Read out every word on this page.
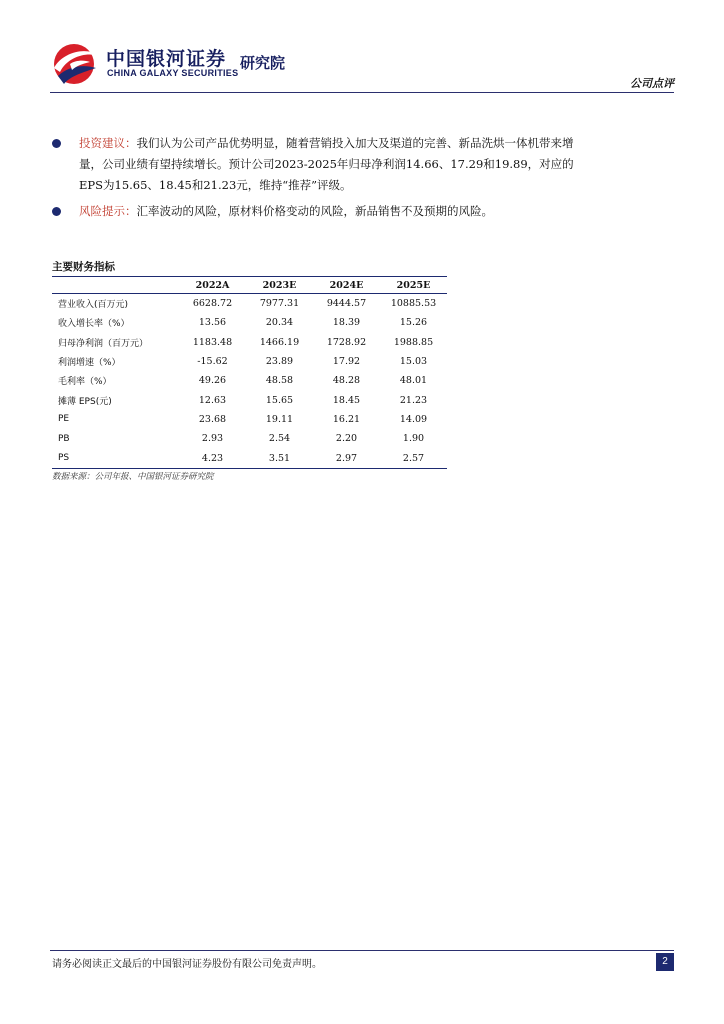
中国银河证券
CHINA GALAXY SECURITIES
研究院
公司点评
投资建议：我们认为公司产品优势明显，随着营销投入加大及渠道的完善、新品洗烘一体机带来增量，公司业绩有望持续增长。预计公司2023-2025年归母净利润14.66、17.29和19.89，对应的EPS为15.65、18.45和21.23元，维持“推荐”评级。
风险提示：汇率波动的风险，原材料价格变动的风险，新品销售不及预期的风险。
主要财务指标
	2022A	2023E	2024E	2025E
营业收入(百万元)	6628.72	7977.31	9444.57	10885.53
收入增长率（%）	13.56	20.34	18.39	15.26
归母净利润（百万元）	1183.48	1466.19	1728.92	1988.85
利润增速（%）	-15.62	23.89	17.92	15.03
毛利率（%）	49.26	48.58	48.28	48.01
摊薄 EPS(元)	12.63	15.65	18.45	21.23
PE	23.68	19.11	16.21	14.09
PB	2.93	2.54	2.20	1.90
PS	4.23	3.51	2.97	2.57
数据来源：公司年报、中国银河证券研究院
请务必阅读正文最后的中国银河证券股份有限公司免责声明。	2
